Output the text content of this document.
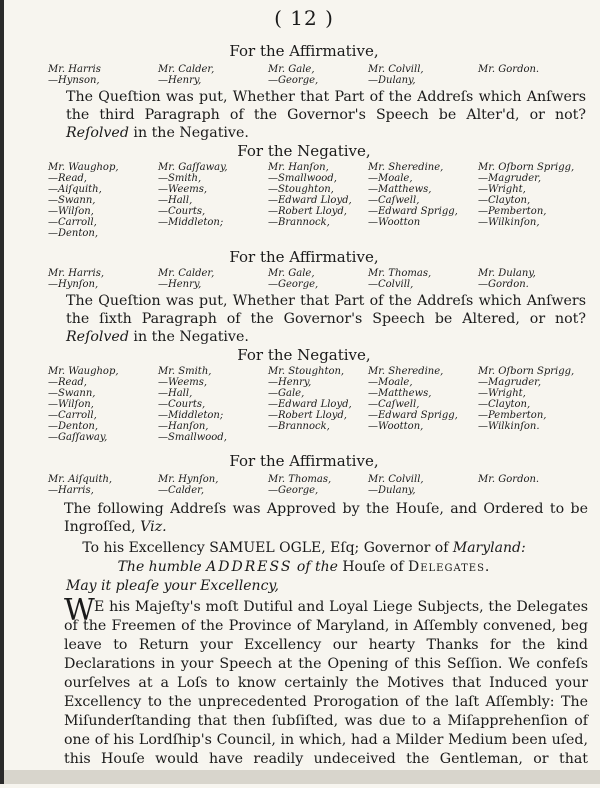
( 12 )
For the Affirmative,
Mr. Harris
—Hynson,
Mr. Calder,
—Henry,
Mr. Gale,
—George,
Mr. Colvill,
—Dulany,
Mr. Gordon.
The Queſtion was put, Whether that Part of the Addreſs which Anſwers the third Paragraph of the Governor's Speech be Alter'd, or not? Reſolved in the Negative.
For the Negative,
Mr. Waughop,
—Read,
—Aiſquith,
—Swann,
—Wilſon,
—Carroll,
—Denton,
Mr. Gaſſaway,
—Smith,
—Weems,
—Hall,
—Courts,
—Middleton;
Mr. Hanſon,
—Smallwood,
—Stoughton,
—Edward Lloyd,
—Robert Lloyd,
—Brannock,
Mr. Sheredine,
—Moale,
—Matthews,
—Caſwell,
—Edward Sprigg,
—Wootton
Mr. Oſborn Sprigg,
—Magruder,
—Wright,
—Clayton,
—Pemberton,
—Wilkinſon,
For the Affirmative,
Mr. Harris,
—Hynſon,
Mr. Calder,
—Henry,
Mr. Gale,
—George,
Mr. Thomas,
—Colvill,
Mr. Dulany,
—Gordon.
The Queſtion was put, Whether that Part of the Addreſs which Anſwers the ſixth Paragraph of the Governor's Speech be Altered, or not? Reſolved in the Negative.
For the Negative,
Mr. Waughop,
—Read,
—Swann,
—Wilſon,
—Carroll,
—Denton,
—Gaſſaway,
Mr. Smith,
—Weems,
—Hall,
—Courts,
—Middleton;
—Hanſon,
—Smallwood,
Mr. Stoughton,
—Henry,
—Gale,
—Edward Lloyd,
—Robert Lloyd,
—Brannock,
Mr. Sheredine,
—Moale,
—Matthews,
—Caſwell,
—Edward Sprigg,
—Wootton,
Mr. Oſborn Sprigg,
—Magruder,
—Wright,
—Clayton,
—Pemberton,
—Wilkinſon.
For the Affirmative,
Mr. Aiſquith,
—Harris,
Mr. Hynſon,
—Calder,
Mr. Thomas,
—George,
Mr. Colvill,
—Dulany,
Mr. Gordon.
The following Addreſs was Approved by the Houſe, and Ordered to be Ingroſſed, Viz.
To his Excellency SAMUEL OGLE, Eſq; Governor of Maryland:
The humble ADDRESS of the Houſe of Delegates.
May it pleaſe your Excellency,
W E his Majeſty's moſt Dutiful and Loyal Liege Subjects, the Delegates of the Freemen of the Province of Maryland, in Aſſembly convened, beg leave to Return your Excellency our hearty Thanks for the kind Declarations in your Speech at the Opening of this Seſſion. We confeſs ourſelves at a Loſs to know certainly the Motives that Induced your Excellency to the unprecedented Prorogation of the laſt Aſſembly: The Miſunderſtanding that then ſubſiſted, was due to a Miſapprehenſion of one of his Lordſhip's Council, in which, had a Milder Medium been uſed, this Houſe would have readily undeceived the Gentleman, or that
